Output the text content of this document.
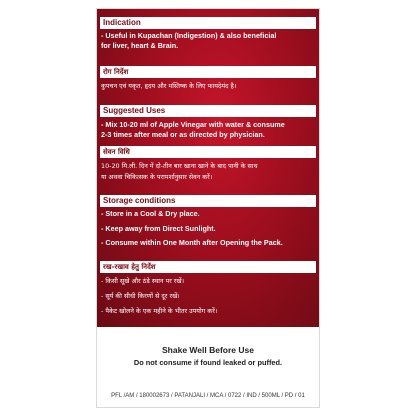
Indication
- Useful in Kupachan (Indigestion) & also beneficial
for liver, heart & Brain.
रोग निर्देश
कुपचन एवं यकृत, हृदय और मस्तिष्क के लिए फायदेमंद है।
Suggested Uses
- Mix 10-20 ml of Apple Vinegar with water & consume
2-3 times after meal or as directed by physician.
सेवन विधि
10-20 मि.ली. दिन में दो-तीन बार खाना खाने के बाद पानी के साथ
या अथवा चिकित्सक के परामर्शानुसार सेवन करें।
Storage conditions
- Store in a Cool & Dry place.
- Keep away from Direct Sunlight.
- Consume within One Month after Opening the Pack.
रख-रखाव हेतु निर्देश
- किसी सूखे और ठंडे स्थान पर रखें।
- सूर्य की सीधी किरणों से दूर रखें।
- पैकेट खोलने के एक महीने के भीतर उपयोग करें।
Shake Well Before Use
Do not consume if found leaked or puffed.
PFL /AM / 180002673 / PATANJALI / MCA / 0722 / IND / 500ML / PD / 01
